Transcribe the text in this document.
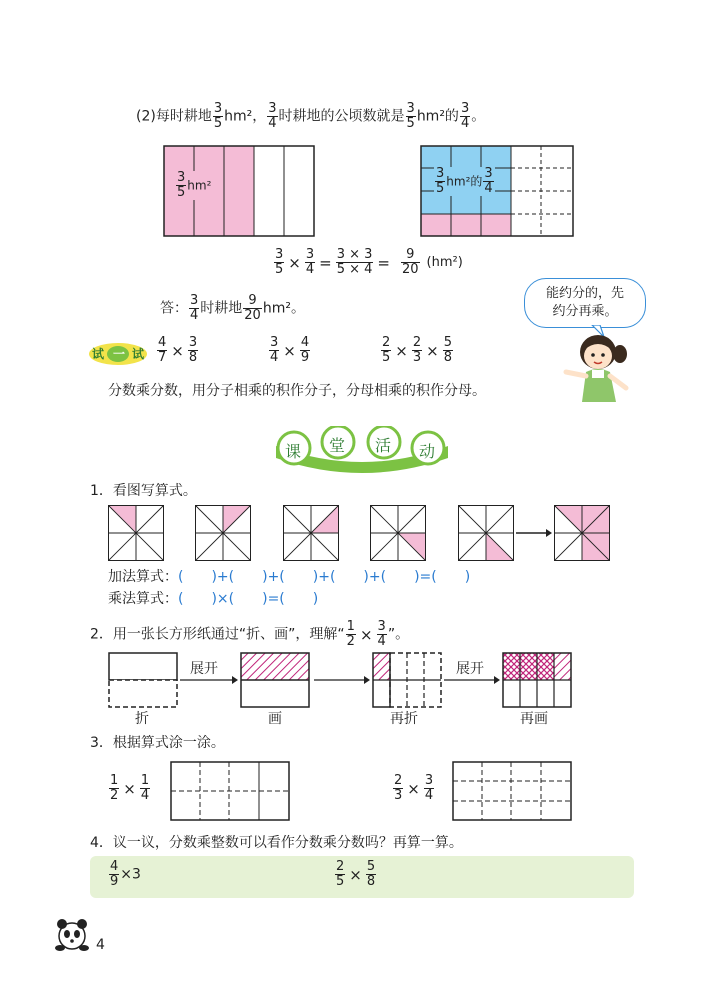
(2)每时耕地 $\frac{3}{5} hm^2$， $\frac{3}{4}$ 时耕地的公顷数就是 $\frac{3}{5} hm^2$的 $\frac{3}{4}$ 。
$\frac{3}{5} hm^2$	$\frac{3}{5} hm^2$的 $\frac{3}{4}$
$\frac{3}{5} \times \frac{3}{4} = \frac{3 \times 3}{5 \times 4} = \frac{9}{20} (hm^2)$
答： $\frac{3}{4}$ 时耕地 $\frac{9}{20} hm^2$。
能约分的，先
约分再乘。
试 一 试 $\frac{4}{7} \times \frac{3}{8}$	$\frac{3}{4} \times \frac{4}{9}$	$\frac{2}{5} \times \frac{2}{3} \times \frac{5}{8}$
分数乘分数，用分子相乘的积作分子，分母相乘的积作分母。
课 堂 活 动
1．看图写算式。
加法算式：(　　)+(　　)+(　　)+(　　)+(　　)=(　　)
乘法算式：(　　)×(　　)=(　　)
2．用一张长方形纸通过“折、画”，理解“ $\frac{1}{2} \times \frac{3}{4}$ ”。
折
展开
画	再折
展开
再画
3．根据算式涂一涂。
$\frac{1}{2} \times \frac{1}{4}$	$\frac{2}{3} \times \frac{3}{4}$
4．议一议，分数乘整数可以看作分数乘分数吗？再算一算。
$\frac{4}{9} \times 3$	$\frac{2}{5} \times \frac{5}{8}$
4
